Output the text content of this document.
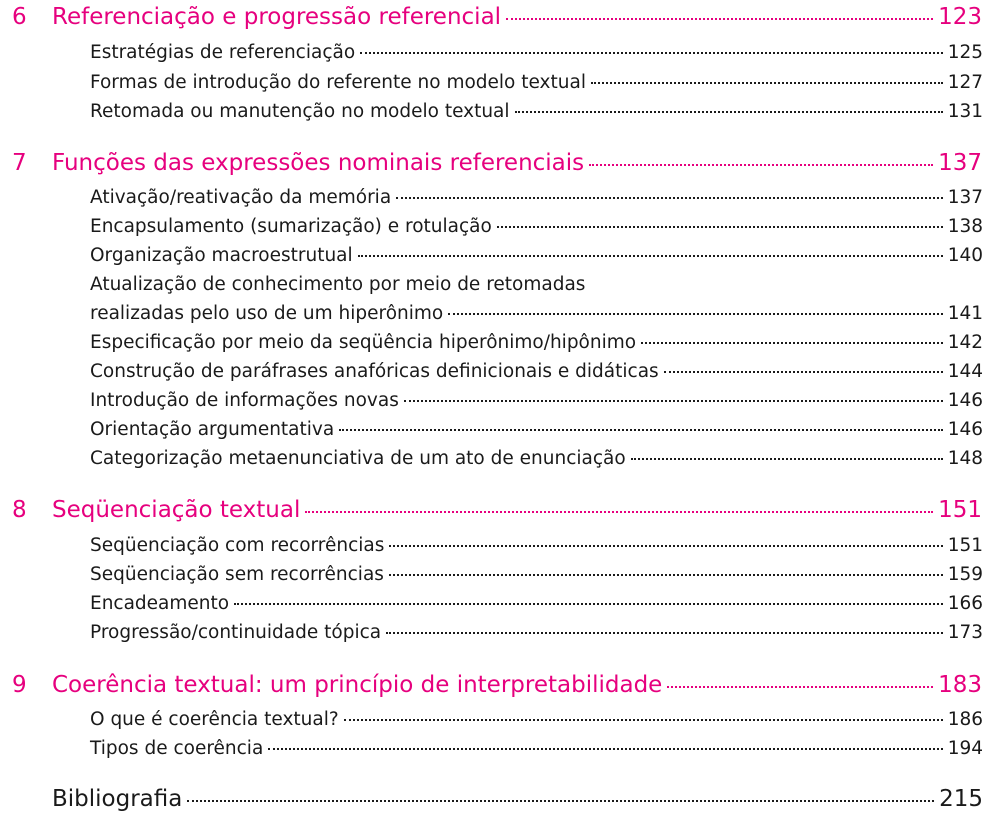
6	Referenciação e progressão referencial	123
Estratégias de referenciação	125
Formas de introdução do referente no modelo textual	127
Retomada ou manutenção no modelo textual	131
7	Funções das expressões nominais referenciais	137
Ativação/reativação da memória	137
Encapsulamento (sumarização) e rotulação	138
Organização macroestrutual	140
Atualização de conhecimento por meio de retomadas
realizadas pelo uso de um hiperônimo	141
Especificação por meio da seqüência hiperônimo/hipônimo	142
Construção de paráfrases anafóricas definicionais e didáticas	144
Introdução de informações novas	146
Orientação argumentativa	146
Categorização metaenunciativa de um ato de enunciação	148
8	Seqüenciação textual	151
Seqüenciação com recorrências	151
Seqüenciação sem recorrências	159
Encadeamento	166
Progressão/continuidade tópica	173
9	Coerência textual: um princípio de interpretabilidade	183
O que é coerência textual?	186
Tipos de coerência	194
Bibliografia	215
